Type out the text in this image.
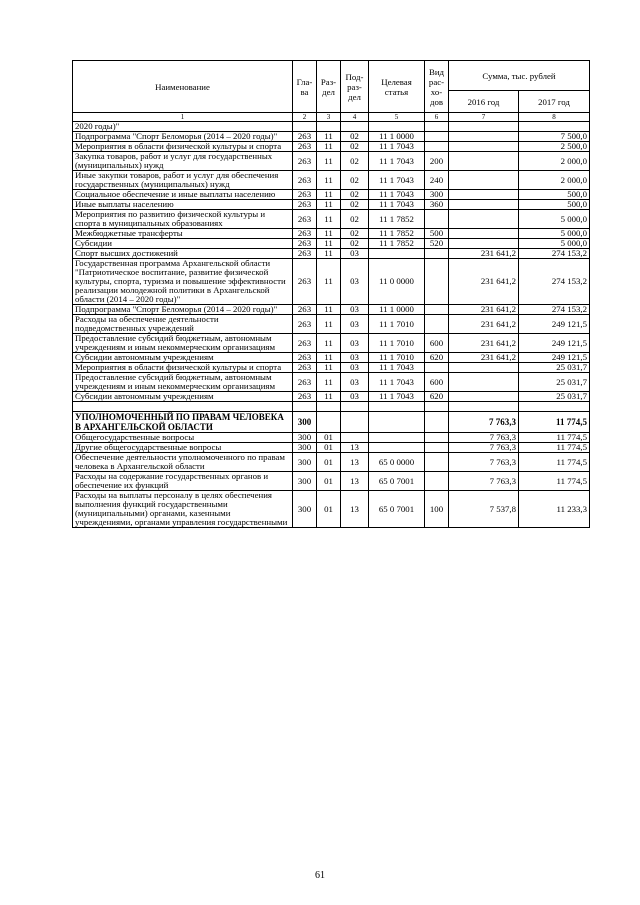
Наименование	Гла-ва	Раз-дел	Под-раз-дел	Целевая статья	Вид рас-хо-дов	Сумма, тыс. рублей	
						2016 год	2017 год
1	2	3	4	5	6	7	8
2020 годы)"							
Подпрограмма "Спорт Беломорья (2014 – 2020 годы)"	263	11	02	11 1 0000			7 500,0
Мероприятия в области физической культуры и спорта	263	11	02	11 1 7043			2 500,0
Закупка товаров, работ и услуг для государственных (муниципальных) нужд	263	11	02	11 1 7043	200		2 000,0
Иные закупки товаров, работ и услуг для обеспечения государственных (муниципальных) нужд	263	11	02	11 1 7043	240		2 000,0
Социальное обеспечение и иные выплаты населению	263	11	02	11 1 7043	300		500,0
Иные выплаты населению	263	11	02	11 1 7043	360		500,0
Мероприятия по развитию физической культуры и спорта в муниципальных образованиях	263	11	02	11 1 7852			5 000,0
Межбюджетные трансферты	263	11	02	11 1 7852	500		5 000,0
Субсидии	263	11	02	11 1 7852	520		5 000,0
Спорт высших достижений	263	11	03			231 641,2	274 153,2
Государственная программа Архангельской области "Патриотическое воспитание, развитие физической культуры, спорта, туризма и повышение эффективности реализации молодежной политики в Архангельской области (2014 – 2020 годы)"	263	11	03	11 0 0000		231 641,2	274 153,2
Подпрограмма "Спорт Беломорья (2014 – 2020 годы)"	263	11	03	11 1 0000		231 641,2	274 153,2
Расходы на обеспечение деятельности подведомственных учреждений	263	11	03	11 1 7010		231 641,2	249 121,5
Предоставление субсидий бюджетным, автономным учреждениям и иным некоммерческим организациям	263	11	03	11 1 7010	600	231 641,2	249 121,5
Субсидии автономным учреждениям	263	11	03	11 1 7010	620	231 641,2	249 121,5
Мероприятия в области физической культуры и спорта	263	11	03	11 1 7043			25 031,7
Предоставление субсидий бюджетным, автономным учреждениям и иным некоммерческим организациям	263	11	03	11 1 7043	600		25 031,7
Субсидии автономным учреждениям	263	11	03	11 1 7043	620		25 031,7

УПОЛНОМОЧЕННЫЙ ПО ПРАВАМ ЧЕЛОВЕКА В АРХАНГЕЛЬСКОЙ ОБЛАСТИ	300					7 763,3	11 774,5
Общегосударственные вопросы	300	01				7 763,3	11 774,5
Другие общегосударственные вопросы	300	01	13			7 763,3	11 774,5
Обеспечение деятельности уполномоченного по правам человека в Архангельской области	300	01	13	65 0 0000		7 763,3	11 774,5
Расходы на содержание государственных органов и обеспечение их функций	300	01	13	65 0 7001		7 763,3	11 774,5
Расходы на выплаты персоналу в целях обеспечения выполнения функций государственными (муниципальными) органами, казенными учреждениями, органами управления государственными	300	01	13	65 0 7001	100	7 537,8	11 233,3
61
